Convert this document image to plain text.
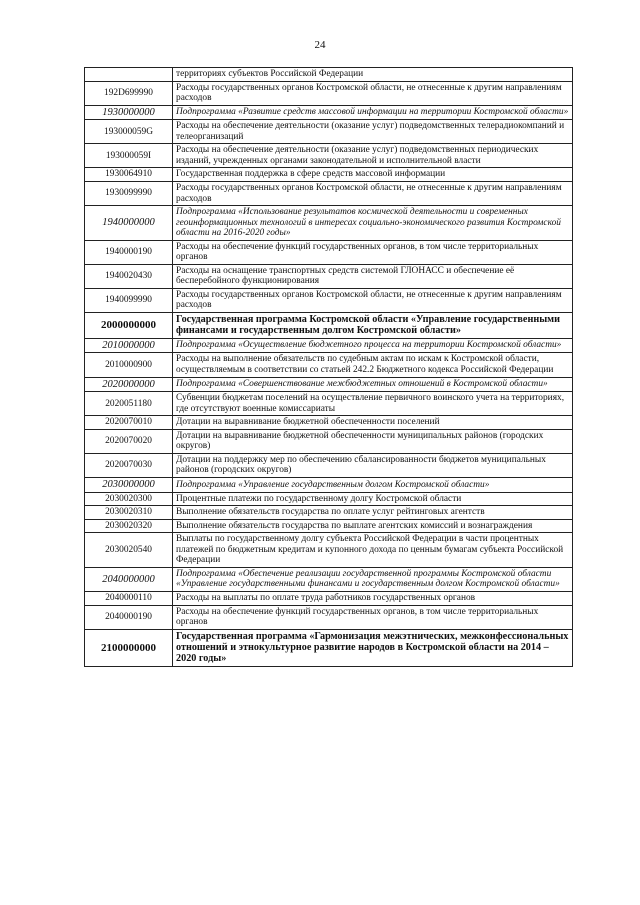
24
	территориях субъектов Российской Федерации
192D699990	Расходы государственных органов Костромской области, не отнесенные к другим направлениям расходов
1930000000	Подпрограмма «Развитие средств массовой информации на территории Костромской области»
193000059G	Расходы на обеспечение деятельности (оказание услуг) подведомственных телерадиокомпаний и телеорганизаций
193000059I	Расходы на обеспечение деятельности (оказание услуг) подведомственных периодических изданий, учрежденных органами законодательной и исполнительной власти
1930064910	Государственная поддержка в сфере средств массовой информации
1930099990	Расходы государственных органов Костромской области, не отнесенные к другим направлениям расходов
1940000000	Подпрограмма «Использование результатов космической деятельности и современных геоинформационных технологий в интересах социально-экономического развития Костромской области на 2016-2020 годы»
1940000190	Расходы на обеспечение функций государственных органов, в том числе территориальных органов
1940020430	Расходы на оснащение транспортных средств системой ГЛОНАСС и обеспечение её бесперебойного функционирования
1940099990	Расходы государственных органов Костромской области, не отнесенные к другим направлениям расходов
2000000000	Государственная программа Костромской области «Управление государственными финансами и государственным долгом Костромской области»
2010000000	Подпрограмма «Осуществление бюджетного процесса на территории Костромской области»
2010000900	Расходы на выполнение обязательств по судебным актам по искам к Костромской области, осуществляемым в соответствии со статьей 242.2 Бюджетного кодекса Российской Федерации
2020000000	Подпрограмма «Совершенствование межбюджетных отношений в Костромской области»
2020051180	Субвенции бюджетам поселений на осуществление первичного воинского учета на территориях, где отсутствуют военные комиссариаты
2020070010	Дотации на выравнивание бюджетной обеспеченности поселений
2020070020	Дотации на выравнивание бюджетной обеспеченности муниципальных районов (городских округов)
2020070030	Дотации на поддержку мер по обеспечению сбалансированности бюджетов муниципальных районов (городских округов)
2030000000	Подпрограмма «Управление государственным долгом Костромской области»
2030020300	Процентные платежи по государственному долгу Костромской области
2030020310	Выполнение обязательств государства по оплате услуг рейтинговых агентств
2030020320	Выполнение обязательств государства по выплате агентских комиссий и вознаграждения
2030020540	Выплаты по государственному долгу субъекта Российской Федерации в части процентных платежей по бюджетным кредитам и купонного дохода по ценным бумагам субъекта Российской Федерации
2040000000	Подпрограмма «Обеспечение реализации государственной программы Костромской области «Управление государственными финансами и государственным долгом Костромской области»
2040000110	Расходы на выплаты по оплате труда работников государственных органов
2040000190	Расходы на обеспечение функций государственных органов, в том числе территориальных органов
2100000000	Государственная программа «Гармонизация межэтнических, межконфессиональных отношений и этнокультурное развитие народов в Костромской области на 2014 – 2020 годы»
